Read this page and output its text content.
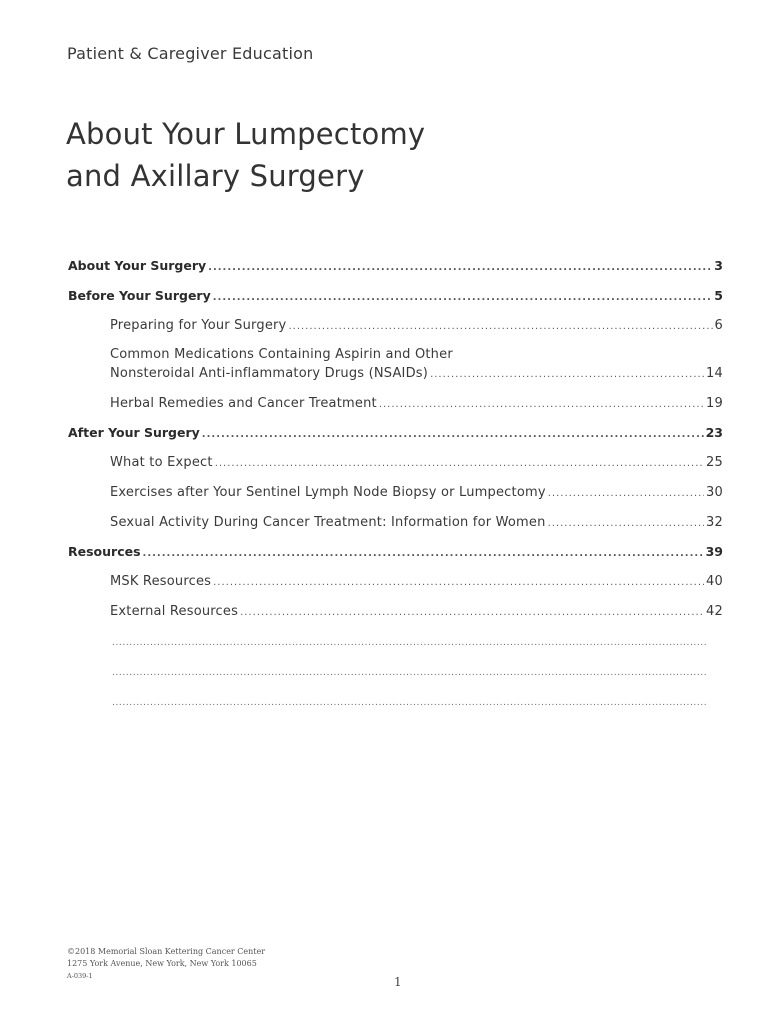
Patient & Caregiver Education
About Your Lumpectomy
and Axillary Surgery
About Your Surgery .....	3
Before Your Surgery .....	5
Preparing for Your Surgery .....	6
Common Medications Containing Aspirin and Other
Nonsteroidal Anti-inflammatory Drugs (NSAIDs) .....	14
Herbal Remedies and Cancer Treatment .....	19
After Your Surgery .....	23
What to Expect .....	25
Exercises after Your Sentinel Lymph Node Biopsy or Lumpectomy .....	30
Sexual Activity During Cancer Treatment: Information for Women .....	32
Resources .....	39
MSK Resources .....	40
External Resources .....	42
.....
.....
.....
©2018 Memorial Sloan Kettering Cancer Center
1275 York Avenue, New York, New York 10065
A-039-1	1
